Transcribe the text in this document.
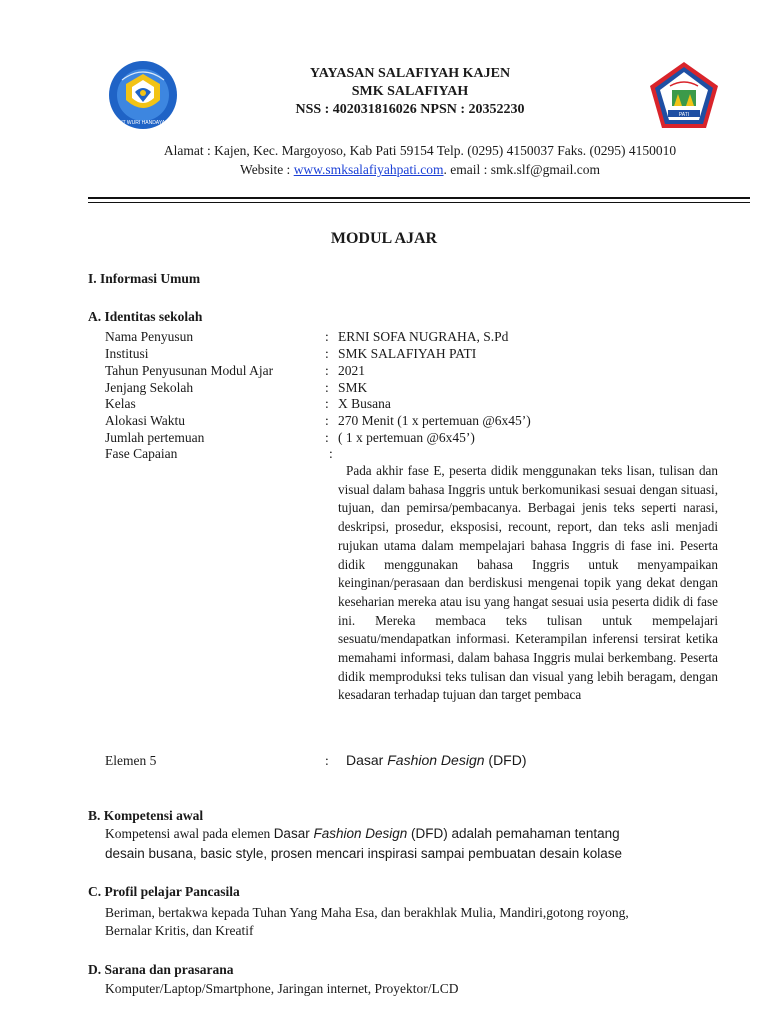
TUT WURI HANDAYANI
PATI
YAYASAN SALAFIYAH KAJEN
SMK SALAFIYAH
NSS : 402031816026 NPSN : 20352230
Alamat : Kajen, Kec. Margoyoso, Kab Pati 59154 Telp. (0295) 4150037 Faks. (0295) 4150010
Website : www.smksalafiyahpati.com. email : smk.slf@gmail.com
MODUL AJAR
I. Informasi Umum
A. Identitas sekolah
Nama Penyusun	: ERNI SOFA NUGRAHA, S.Pd
Institusi	: SMK SALAFIYAH PATI
Tahun Penyusunan Modul Ajar	: 2021
Jenjang Sekolah	: SMK
Kelas	: X Busana
Alokasi Waktu	: 270 Menit (1 x pertemuan @6x45’)
Jumlah pertemuan	: ( 1 x pertemuan @6x45’)
Fase Capaian	:
Pada akhir fase E, peserta didik menggunakan teks lisan, tulisan dan visual dalam bahasa Inggris untuk berkomunikasi sesuai dengan situasi, tujuan, dan pemirsa/pembacanya. Berbagai jenis teks seperti narasi, deskripsi, prosedur, eksposisi, recount, report, dan teks asli menjadi rujukan utama dalam mempelajari bahasa Inggris di fase ini. Peserta didik menggunakan bahasa Inggris untuk menyampaikan keinginan/perasaan dan berdiskusi mengenai topik yang dekat dengan keseharian mereka atau isu yang hangat sesuai usia peserta didik di fase ini. Mereka membaca teks tulisan untuk mempelajari sesuatu/mendapatkan informasi. Keterampilan inferensi tersirat ketika memahami informasi, dalam bahasa Inggris mulai berkembang. Peserta didik memproduksi teks tulisan dan visual yang lebih beragam, dengan kesadaran terhadap tujuan dan target pembaca
Elemen 5	: Dasar Fashion Design (DFD)
B. Kompetensi awal
Kompetensi awal pada elemen Dasar Fashion Design (DFD) adalah pemahaman tentang
desain busana, basic style, prosen mencari inspirasi sampai pembuatan desain kolase
C. Profil pelajar Pancasila
Beriman, bertakwa kepada Tuhan Yang Maha Esa, dan berakhlak Mulia, Mandiri,gotong royong,
Bernalar Kritis, dan Kreatif
D. Sarana dan prasarana
Komputer/Laptop/Smartphone, Jaringan internet, Proyektor/LCD
